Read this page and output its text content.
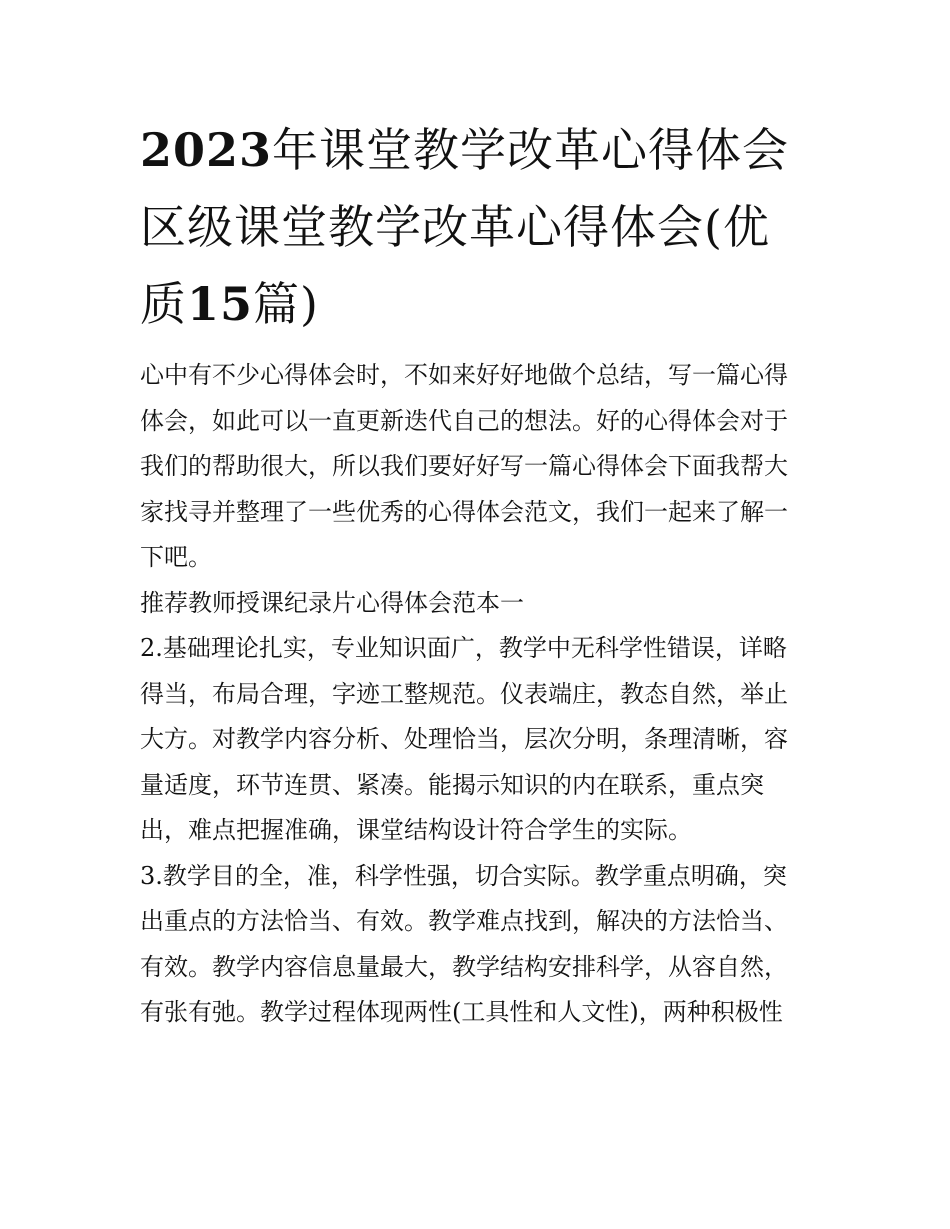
2023年课堂教学改革心得体会
区级课堂教学改革心得体会(优
质15篇)

心中有不少心得体会时，不如来好好地做个总结，写一篇心得
体会，如此可以一直更新迭代自己的想法。好的心得体会对于
我们的帮助很大，所以我们要好好写一篇心得体会下面我帮大
家找寻并整理了一些优秀的心得体会范文，我们一起来了解一
下吧。

推荐教师授课纪录片心得体会范本一

2.基础理论扎实，专业知识面广，教学中无科学性错误，详略
得当，布局合理，字迹工整规范。仪表端庄，教态自然，举止
大方。对教学内容分析、处理恰当，层次分明，条理清晰，容
量适度，环节连贯、紧凑。能揭示知识的内在联系，重点突
出，难点把握准确，课堂结构设计符合学生的实际。

3.教学目的全，准，科学性强，切合实际。教学重点明确，突
出重点的方法恰当、有效。教学难点找到，解决的方法恰当、
有效。教学内容信息量最大，教学结构安排科学，从容自然，
有张有弛。教学过程体现两性(工具性和人文性)，两种积极性
